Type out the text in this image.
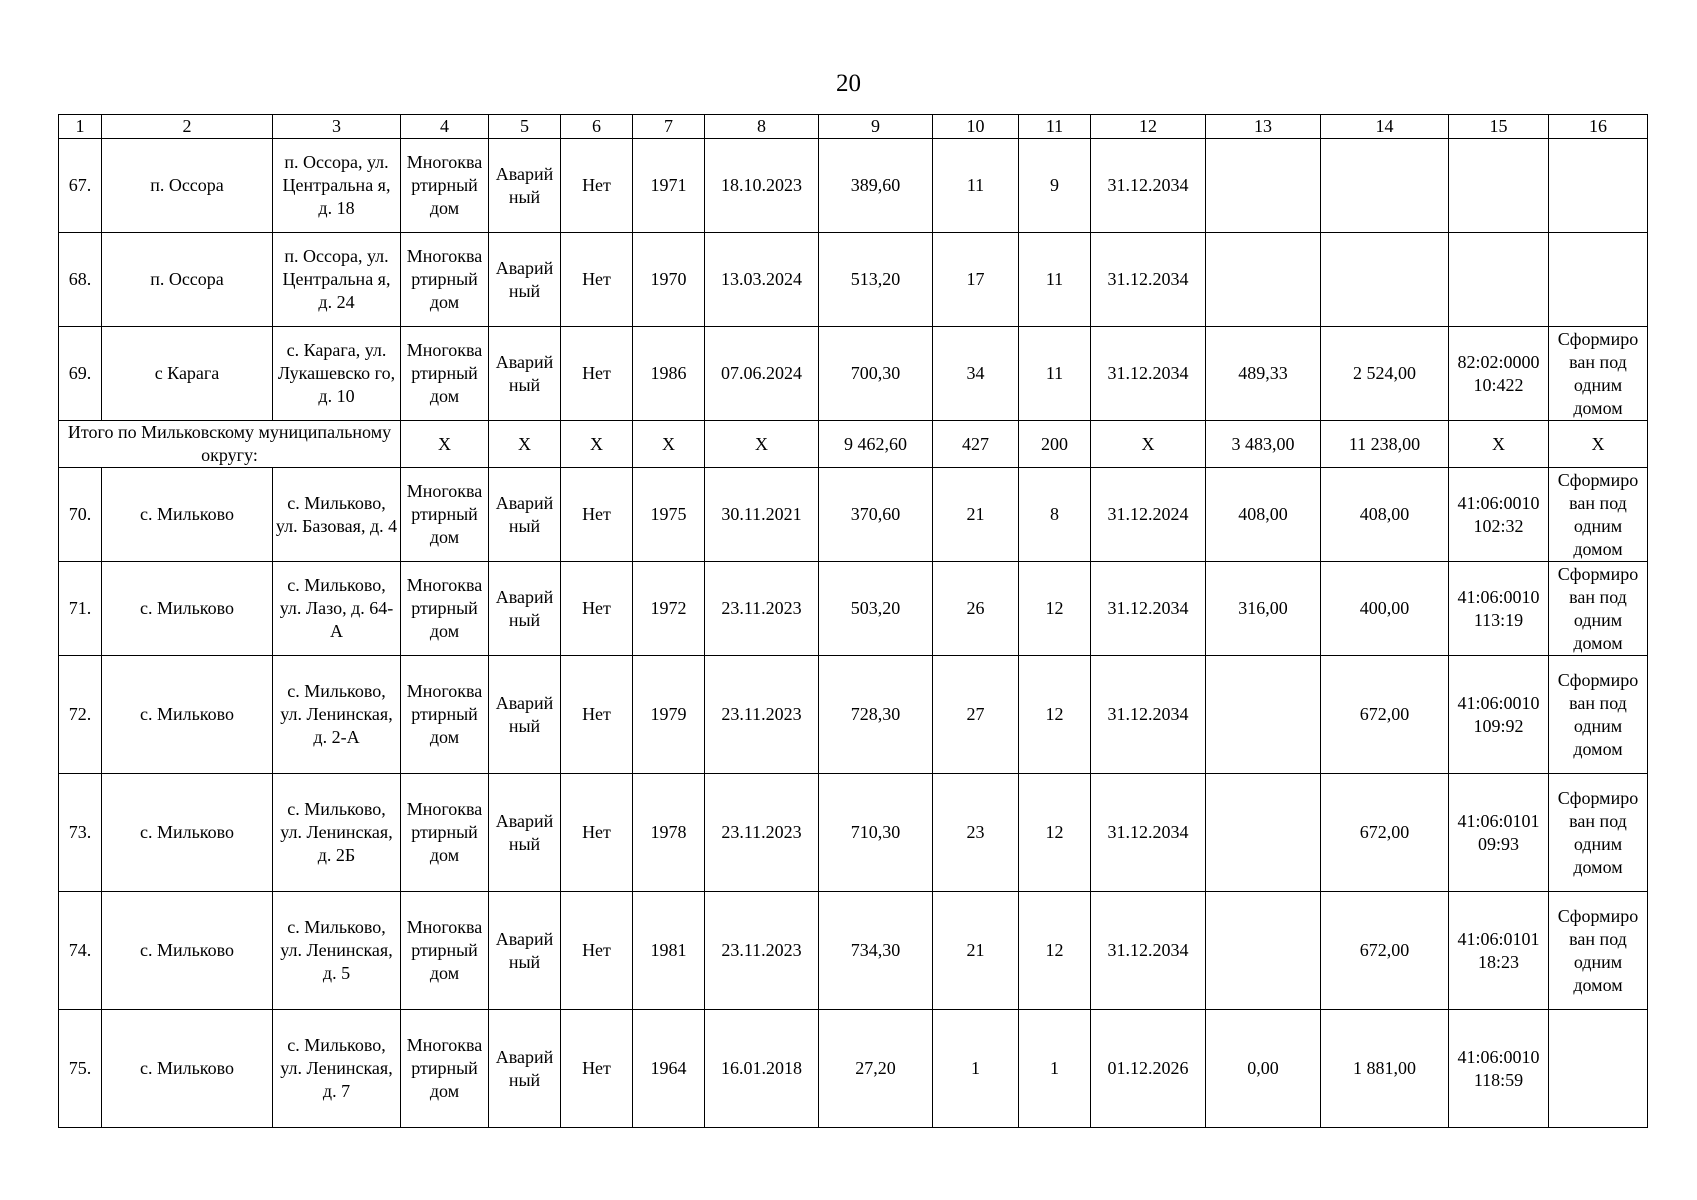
20
1	2	3	4	5	6	7	8	9	10	11	12	13	14	15	16
67.	п. Оссора	п. Оссора, ул. Центральна я, д. 18	Многоква ртирный дом	Аварий ный	Нет	1971	18.10.2023	389,60	11	9	31.12.2034				
68.	п. Оссора	п. Оссора, ул. Центральна я, д. 24	Многоква ртирный дом	Аварий ный	Нет	1970	13.03.2024	513,20	17	11	31.12.2034				
69.	с Карага	с. Карага, ул. Лукашевско го, д. 10	Многоква ртирный дом	Аварий ный	Нет	1986	07.06.2024	700,30	34	11	31.12.2034	489,33	2 524,00	82:02:0000 10:422	Сформиро ван под одним домом
Итого по Мильковскому муниципальному округу:			Х	Х	Х	Х	Х	9 462,60	427	200	Х	3 483,00	11 238,00	Х	Х
70.	с. Мильково	с. Мильково, ул. Базовая, д. 4	Многоква ртирный дом	Аварий ный	Нет	1975	30.11.2021	370,60	21	8	31.12.2024	408,00	408,00	41:06:0010 102:32	Сформиро ван под одним домом
71.	с. Мильково	с. Мильково, ул. Лазо, д. 64-А	Многоква ртирный дом	Аварий ный	Нет	1972	23.11.2023	503,20	26	12	31.12.2034	316,00	400,00	41:06:0010 113:19	Сформиро ван под одним домом
72.	с. Мильково	с. Мильково, ул. Ленинская, д. 2-А	Многоква ртирный дом	Аварий ный	Нет	1979	23.11.2023	728,30	27	12	31.12.2034		672,00	41:06:0010 109:92	Сформиро ван под одним домом
73.	с. Мильково	с. Мильково, ул. Ленинская, д. 2Б	Многоква ртирный дом	Аварий ный	Нет	1978	23.11.2023	710,30	23	12	31.12.2034		672,00	41:06:0101 09:93	Сформиро ван под одним домом
74.	с. Мильково	с. Мильково, ул. Ленинская, д. 5	Многоква ртирный дом	Аварий ный	Нет	1981	23.11.2023	734,30	21	12	31.12.2034		672,00	41:06:0101 18:23	Сформиро ван под одним домом
75.	с. Мильково	с. Мильково, ул. Ленинская, д. 7	Многоква ртирный дом	Аварий ный	Нет	1964	16.01.2018	27,20	1	1	01.12.2026	0,00	1 881,00	41:06:0010 118:59	
